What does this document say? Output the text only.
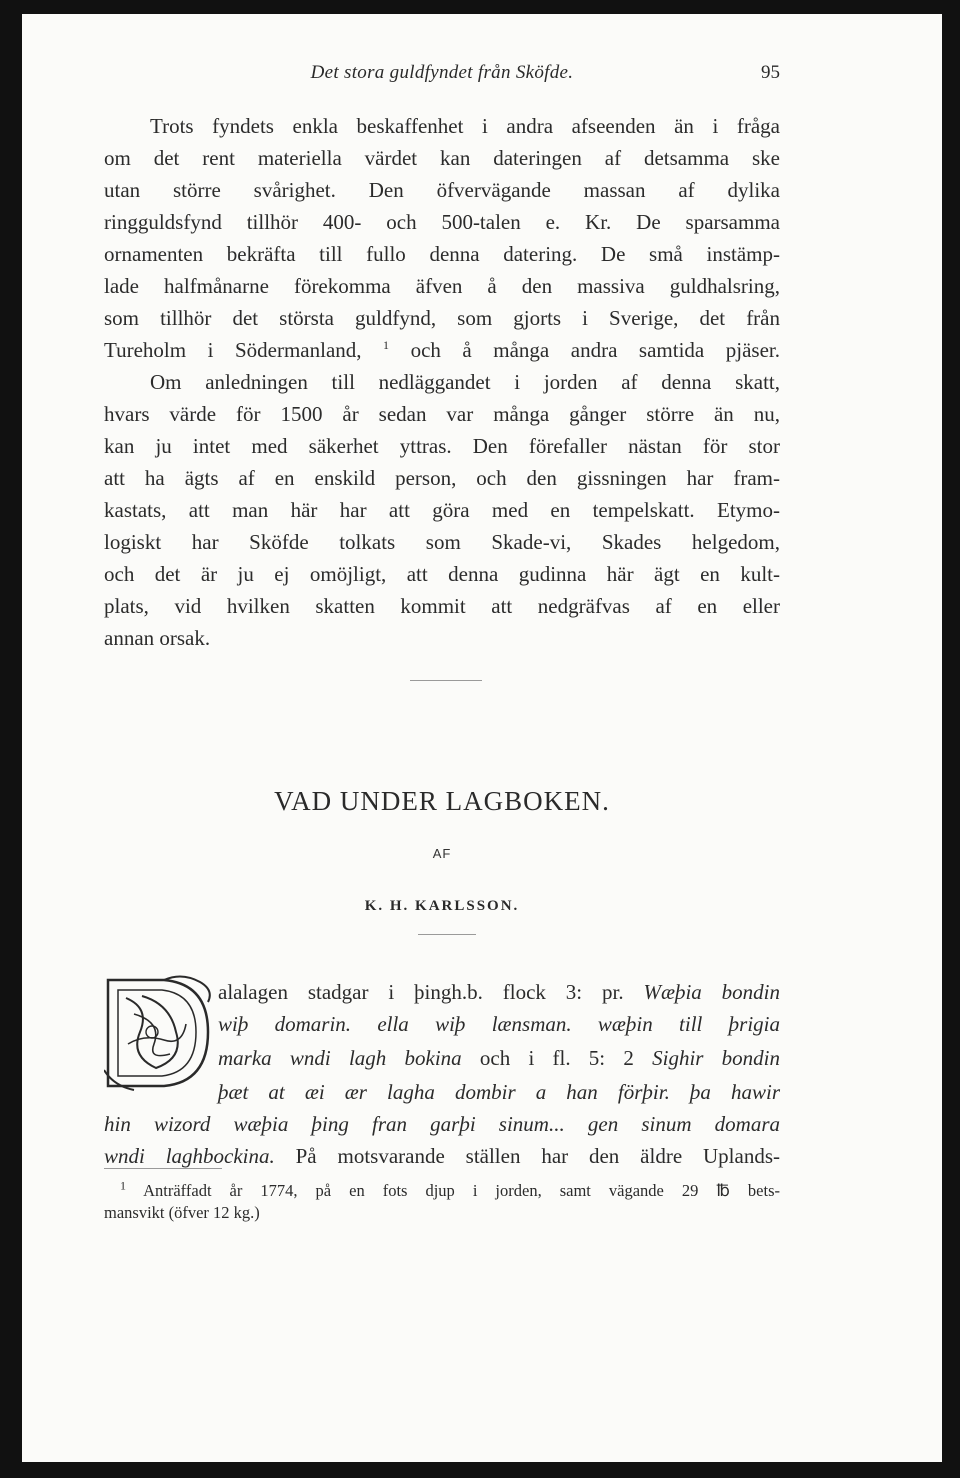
Det stora guldfyndet från Sköfde.	95
Trots fyndets enkla beskaffenhet i andra afseenden än i fråga
om det rent materiella värdet kan dateringen af detsamma ske
utan större svårighet. Den öfvervägande massan af dylika
ringguldsfynd tillhör 400- och 500-talen e. Kr. De sparsamma
ornamenten bekräfta till fullo denna datering. De små instämp-
lade halfmånarne förekomma äfven å den massiva guldhalsring,
som tillhör det största guldfynd, som gjorts i Sverige, det från
Tureholm i Södermanland, $^1$ och å många andra samtida pjäser.
Om anledningen till nedläggandet i jorden af denna skatt,
hvars värde för 1500 år sedan var många gånger större än nu,
kan ju intet med säkerhet yttras. Den förefaller nästan för stor
att ha ägts af en enskild person, och den gissningen har fram-
kastats, att man här har att göra med en tempelskatt. Etymo-
logiskt har Sköfde tolkats som Skade-vi, Skades helgedom,
och det är ju ej omöjligt, att denna gudinna här ägt en kult-
plats, vid hvilken skatten kommit att nedgräfvas af en eller
annan orsak.
VAD UNDER LAGBOKEN.
AF
K. H. KARLSSON.
alalagen stadgar i þingh.b. flock 3: pr. Wæþia bondin
wiþ domarin. ella wiþ lænsman. wæþin till þrigia
marka wndi lagh bokina och i fl. 5: 2 Sighir bondin
þæt at æi ær lagha dombir a han förþir. þa hawir
hin wizord wæþia þing fran garþi sinum... gen sinum domara
wndi laghbockina. På motsvarande ställen har den äldre Uplands-
$^1$ Anträffadt år 1774, på en fots djup i jorden, samt vägande 29 ℔ bets-
mansvikt (öfver 12 kg.)
